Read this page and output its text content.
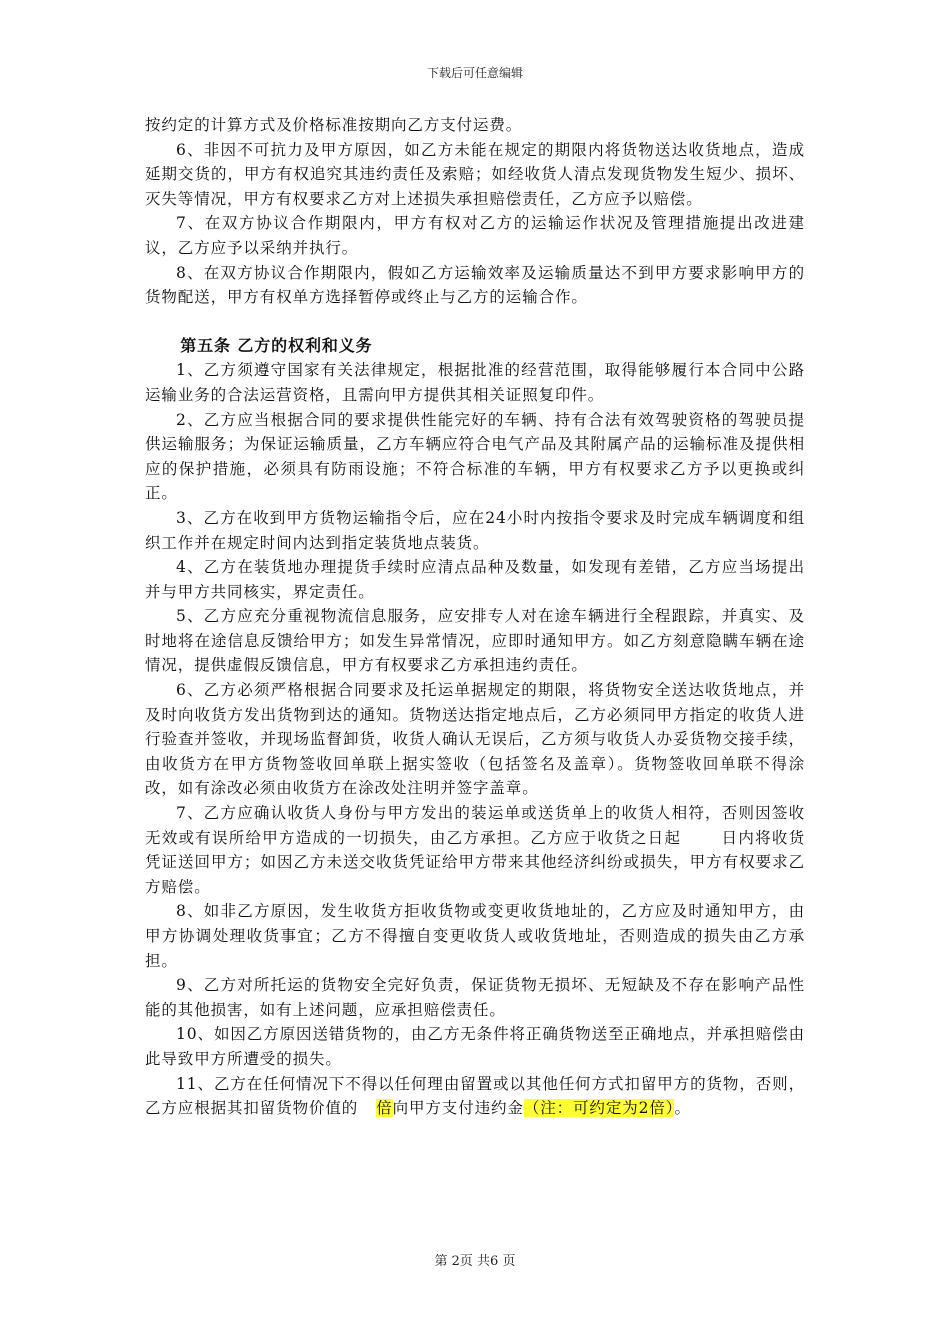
下载后可任意编辑

按约定的计算方式及价格标准按期向乙方支付运费。

6、非因不可抗力及甲方原因，如乙方未能在规定的期限内将货物送达收货地点，造成延期交货的，甲方有权追究其违约责任及索赔；如经收货人清点发现货物发生短少、损坏、灭失等情况，甲方有权要求乙方对上述损失承担赔偿责任，乙方应予以赔偿。

7、在双方协议合作期限内，甲方有权对乙方的运输运作状况及管理措施提出改进建议，乙方应予以采纳并执行。

8、在双方协议合作期限内，假如乙方运输效率及运输质量达不到甲方要求影响甲方的货物配送，甲方有权单方选择暂停或终止与乙方的运输合作。

第五条 乙方的权利和义务

1、乙方须遵守国家有关法律规定，根据批准的经营范围，取得能够履行本合同中公路运输业务的合法运营资格，且需向甲方提供其相关证照复印件。

2、乙方应当根据合同的要求提供性能完好的车辆、持有合法有效驾驶资格的驾驶员提供运输服务；为保证运输质量，乙方车辆应符合电气产品及其附属产品的运输标准及提供相应的保护措施，必须具有防雨设施；不符合标准的车辆，甲方有权要求乙方予以更换或纠正。

3、乙方在收到甲方货物运输指令后，应在24小时内按指令要求及时完成车辆调度和组织工作并在规定时间内达到指定装货地点装货。

4、乙方在装货地办理提货手续时应清点品种及数量，如发现有差错，乙方应当场提出并与甲方共同核实，界定责任。

5、乙方应充分重视物流信息服务，应安排专人对在途车辆进行全程跟踪，并真实、及时地将在途信息反馈给甲方；如发生异常情况，应即时通知甲方。如乙方刻意隐瞒车辆在途情况，提供虚假反馈信息，甲方有权要求乙方承担违约责任。

6、乙方必须严格根据合同要求及托运单据规定的期限，将货物安全送达收货地点，并及时向收货方发出货物到达的通知。货物送达指定地点后，乙方必须同甲方指定的收货人进行验查并签收，并现场监督卸货，收货人确认无误后，乙方须与收货人办妥货物交接手续，由收货方在甲方货物签收回单联上据实签收（包括签名及盖章）。货物签收回单联不得涂改，如有涂改必须由收货方在涂改处注明并签字盖章。

7、乙方应确认收货人身份与甲方发出的装运单或送货单上的收货人相符，否则因签收无效或有误所给甲方造成的一切损失，由乙方承担。乙方应于收货之日起	日内将收货凭证送回甲方；如因乙方未送交收货凭证给甲方带来其他经济纠纷或损失，甲方有权要求乙方赔偿。

8、如非乙方原因，发生收货方拒收货物或变更收货地址的，乙方应及时通知甲方，由甲方协调处理收货事宜；乙方不得擅自变更收货人或收货地址，否则造成的损失由乙方承担。

9、乙方对所托运的货物安全完好负责，保证货物无损坏、无短缺及不存在影响产品性能的其他损害，如有上述问题，应承担赔偿责任。

10、如因乙方原因送错货物的，由乙方无条件将正确货物送至正确地点，并承担赔偿由此导致甲方所遭受的损失。

11、乙方在任何情况下不得以任何理由留置或以其他任何方式扣留甲方的货物，否则，乙方应根据其扣留货物价值的 倍向甲方支付违约金（注：可约定为2倍）。

第 2页 共6 页
